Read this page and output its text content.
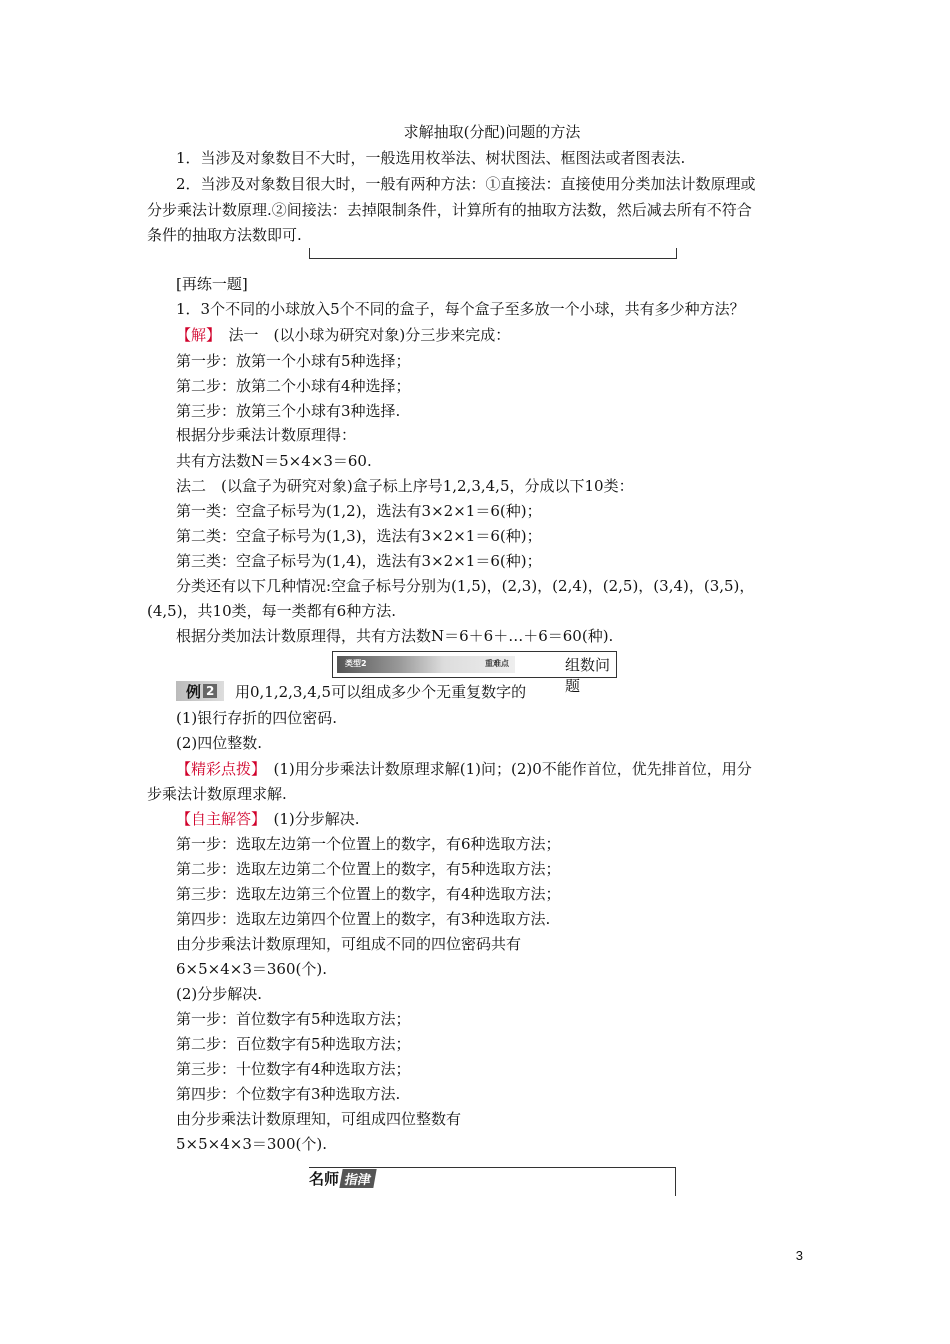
求解抽取(分配)问题的方法
1．当涉及对象数目不大时，一般选用枚举法、树状图法、框图法或者图表法.
2．当涉及对象数目很大时，一般有两种方法：①直接法：直接使用分类加法计数原理或
分步乘法计数原理.②间接法：去掉限制条件，计算所有的抽取方法数，然后减去所有不符合
条件的抽取方法数即可.
[再练一题]
1．3个不同的小球放入5个不同的盒子，每个盒子至多放一个小球，共有多少种方法？
【解】　法一　(以小球为研究对象)分三步来完成：
第一步：放第一个小球有5种选择；
第二步：放第二个小球有4种选择；
第三步：放第三个小球有3种选择.
根据分步乘法计数原理得：
共有方法数N＝5×4×3＝60.
法二　(以盒子为研究对象)盒子标上序号1,2,3,4,5，分成以下10类：
第一类：空盒子标号为(1,2)，选法有3×2×1＝6(种)；
第二类：空盒子标号为(1,3)，选法有3×2×1＝6(种)；
第三类：空盒子标号为(1,4)，选法有3×2×1＝6(种)；
分类还有以下几种情况:空盒子标号分别为(1,5)，(2,3)，(2,4)，(2,5)，(3,4)，(3,5)，
(4,5)，共10类，每一类都有6种方法.
根据分类加法计数原理得，共有方法数N＝6＋6＋…＋6＝60(种).
类型2	重难点	组数问题
例 2 用0,1,2,3,4,5可以组成多少个无重复数字的
(1)银行存折的四位密码.
(2)四位整数.
【精彩点拨】　(1)用分步乘法计数原理求解(1)问；(2)0不能作首位，优先排首位，用分
步乘法计数原理求解.
【自主解答】　(1)分步解决.
第一步：选取左边第一个位置上的数字，有6种选取方法；
第二步：选取左边第二个位置上的数字，有5种选取方法；
第三步：选取左边第三个位置上的数字，有4种选取方法；
第四步：选取左边第四个位置上的数字，有3种选取方法.
由分步乘法计数原理知，可组成不同的四位密码共有
6×5×4×3＝360(个).
(2)分步解决.
第一步：首位数字有5种选取方法；
第二步：百位数字有5种选取方法；
第三步：十位数字有4种选取方法；
第四步：个位数字有3种选取方法.
由分步乘法计数原理知，可组成四位整数有
5×5×4×3＝300(个).
名师 指津
3
